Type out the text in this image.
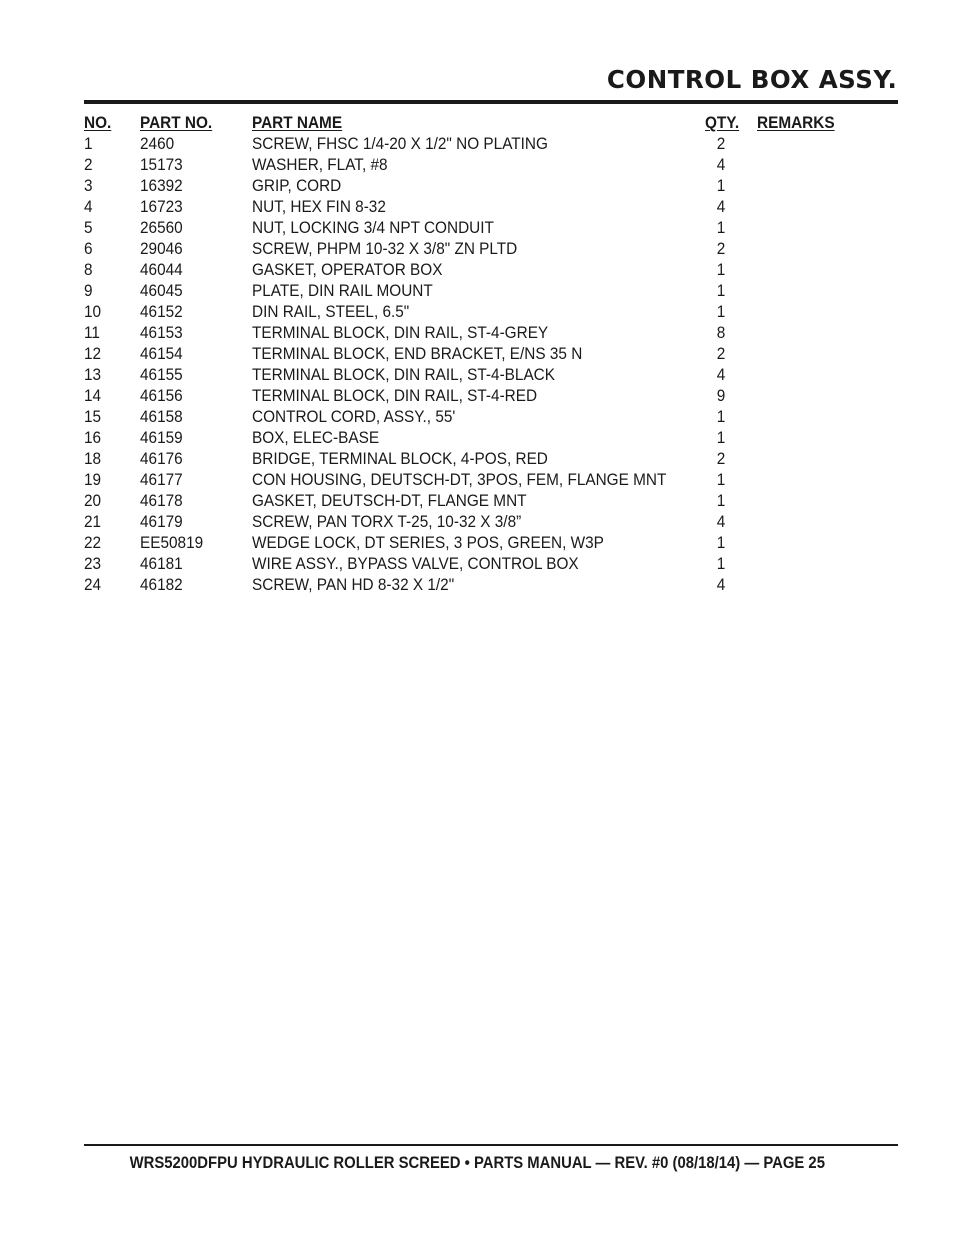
CONTROL BOX ASSY.
NO. PART NO. PART NAME	QTY. REMARKS
1	2460	SCREW, FHSC 1/4-20 X 1/2" NO PLATING	2
2	15173	WASHER, FLAT, #8	4
3	16392	GRIP, CORD	1
4	16723	NUT, HEX FIN 8-32	4
5	26560	NUT, LOCKING 3/4 NPT CONDUIT	1
6	29046	SCREW, PHPM 10-32 X 3/8" ZN PLTD	2
8	46044	GASKET, OPERATOR BOX	1
9	46045	PLATE, DIN RAIL MOUNT	1
10 46152	DIN RAIL, STEEL, 6.5"	1
11 46153	TERMINAL BLOCK, DIN RAIL, ST-4-GREY	8
12 46154	TERMINAL BLOCK, END BRACKET, E/NS 35 N	2
13 46155	TERMINAL BLOCK, DIN RAIL, ST-4-BLACK	4
14 46156	TERMINAL BLOCK, DIN RAIL, ST-4-RED	9
15 46158	CONTROL CORD, ASSY., 55'	1
16 46159	BOX, ELEC-BASE	1
18 46176	BRIDGE, TERMINAL BLOCK, 4-POS, RED	2
19 46177	CON HOUSING, DEUTSCH-DT, 3POS, FEM, FLANGE MNT	1
20 46178	GASKET, DEUTSCH-DT, FLANGE MNT	1
21 46179	SCREW, PAN TORX T-25, 10-32 X 3/8”	4
22 EE50819	WEDGE LOCK, DT SERIES, 3 POS, GREEN, W3P	1
23 46181	WIRE ASSY., BYPASS VALVE, CONTROL BOX	1
24 46182	SCREW, PAN HD 8-32 X 1/2"	4
WRS5200DFPU HYDRAULIC ROLLER SCREED • PARTS MANUAL — REV. #0 (08/18/14) — PAGE 25
